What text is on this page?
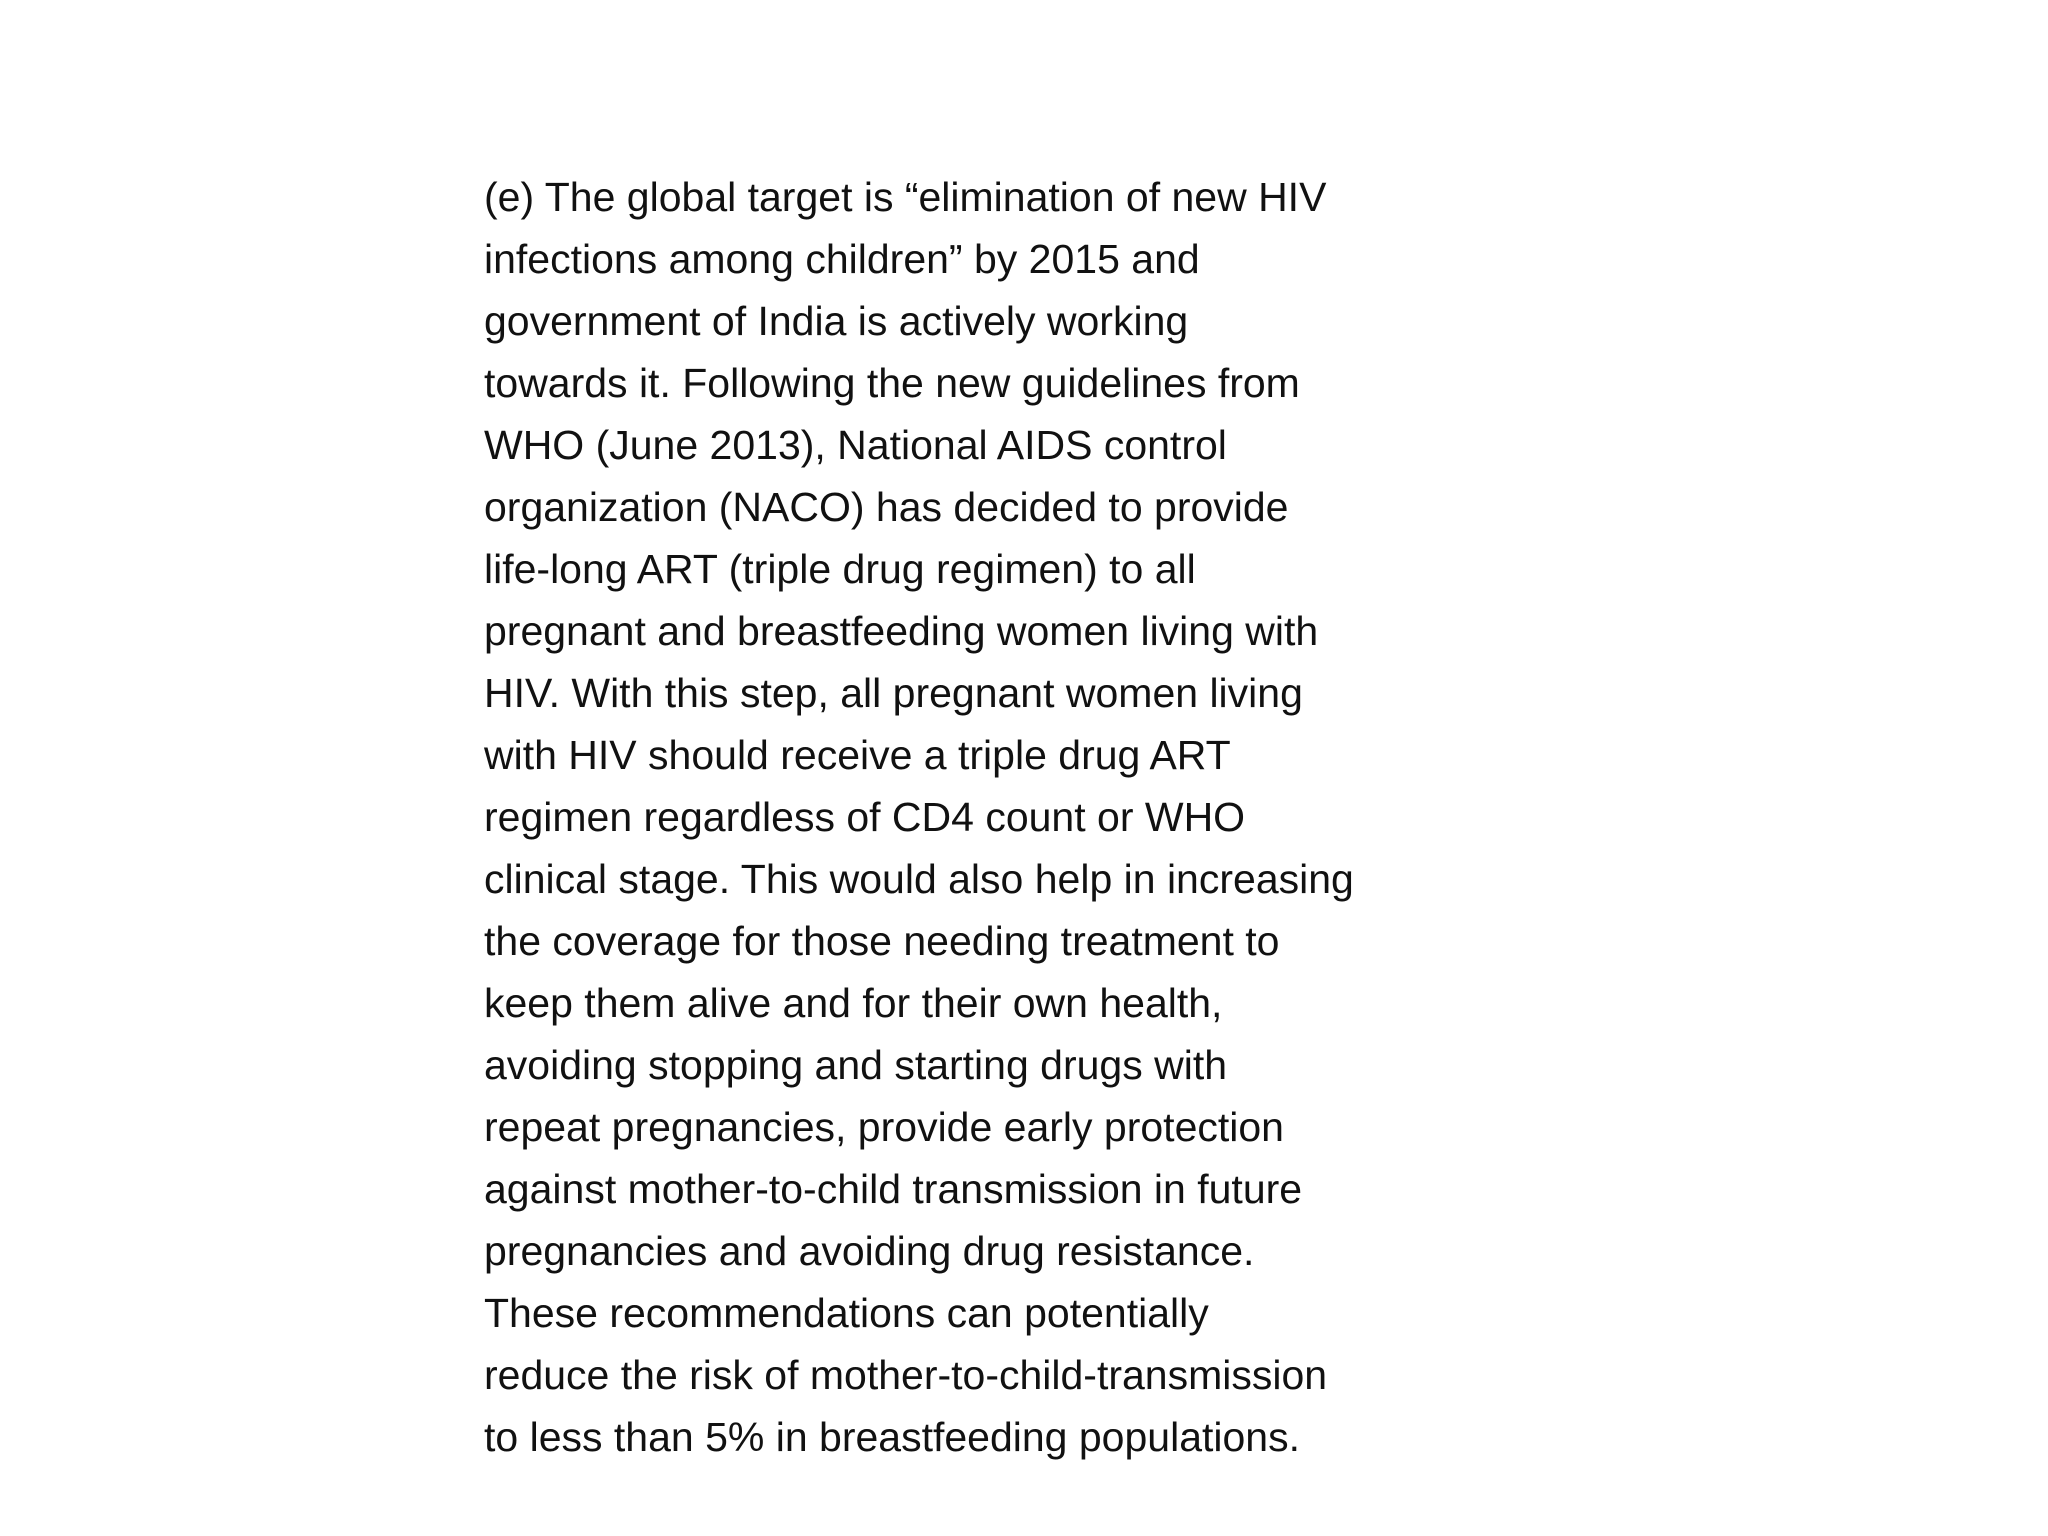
(e) The global target is “elimination of new HIV
infections among children” by 2015 and
government of India is actively working
towards it. Following the new guidelines from
WHO (June 2013), National AIDS control
organization (NACO) has decided to provide
life-long ART (triple drug regimen) to all
pregnant and breastfeeding women living with
HIV. With this step, all pregnant women living
with HIV should receive a triple drug ART
regimen regardless of CD4 count or WHO
clinical stage. This would also help in increasing
the coverage for those needing treatment to
keep them alive and for their own health,
avoiding stopping and starting drugs with
repeat pregnancies, provide early protection
against mother-to-child transmission in future
pregnancies and avoiding drug resistance.
These recommendations can potentially
reduce the risk of mother-to-child-transmission
to less than 5% in breastfeeding populations.
